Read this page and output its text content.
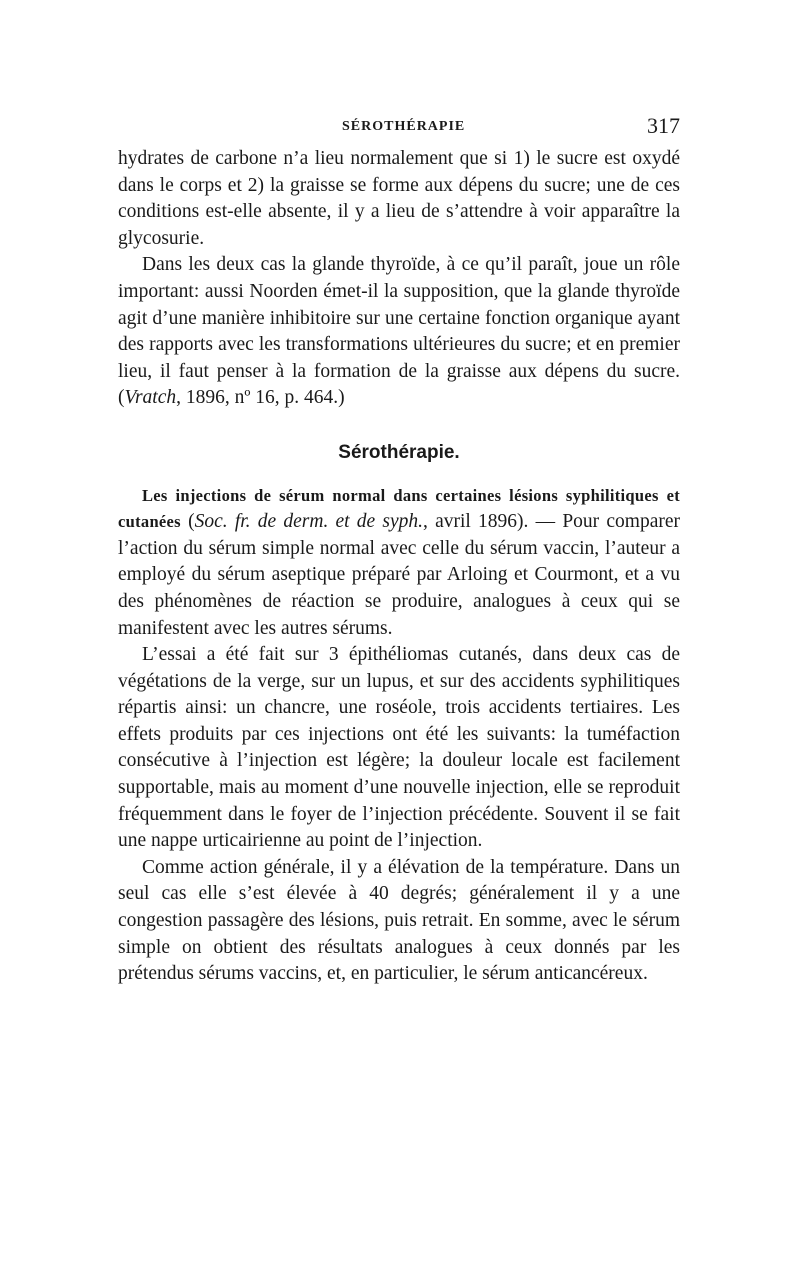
SÉROTHÉRAPIE	317

hydrates de carbone n’a lieu normalement que si 1) le sucre est oxydé dans le corps et 2) la graisse se forme aux dépens du sucre; une de ces conditions est-elle absente, il y a lieu de s’attendre à voir apparaître la glycosurie.

Dans les deux cas la glande thyroïde, à ce qu’il paraît, joue un rôle important: aussi Noorden émet-il la supposition, que la glande thyroïde agit d’une manière inhibitoire sur une certaine fonction organique ayant des rapports avec les transformations ultérieures du sucre; et en premier lieu, il faut penser à la formation de la graisse aux dépens du sucre. (Vratch, 1896, nº 16, p. 464.)

Sérothérapie.

Les injections de sérum normal dans certaines lésions syphilitiques et cutanées (Soc. fr. de derm. et de syph., avril 1896). — Pour comparer l’action du sérum simple normal avec celle du sérum vaccin, l’auteur a employé du sérum aseptique préparé par Arloing et Courmont, et a vu des phénomènes de réaction se produire, analogues à ceux qui se manifestent avec les autres sérums.

L’essai a été fait sur 3 épithéliomas cutanés, dans deux cas de végétations de la verge, sur un lupus, et sur des accidents syphilitiques répartis ainsi: un chancre, une roséole, trois accidents tertiaires. Les effets produits par ces injections ont été les suivants: la tuméfaction consécutive à l’injection est légère; la douleur locale est facilement supportable, mais au moment d’une nouvelle injection, elle se reproduit fréquemment dans le foyer de l’injection précédente. Souvent il se fait une nappe urticairienne au point de l’injection.

Comme action générale, il y a élévation de la température. Dans un seul cas elle s’est élevée à 40 degrés; généralement il y a une congestion passagère des lésions, puis retrait. En somme, avec le sérum simple on obtient des résultats analogues à ceux donnés par les prétendus sérums vaccins, et, en particulier, le sérum anticancéreux.
